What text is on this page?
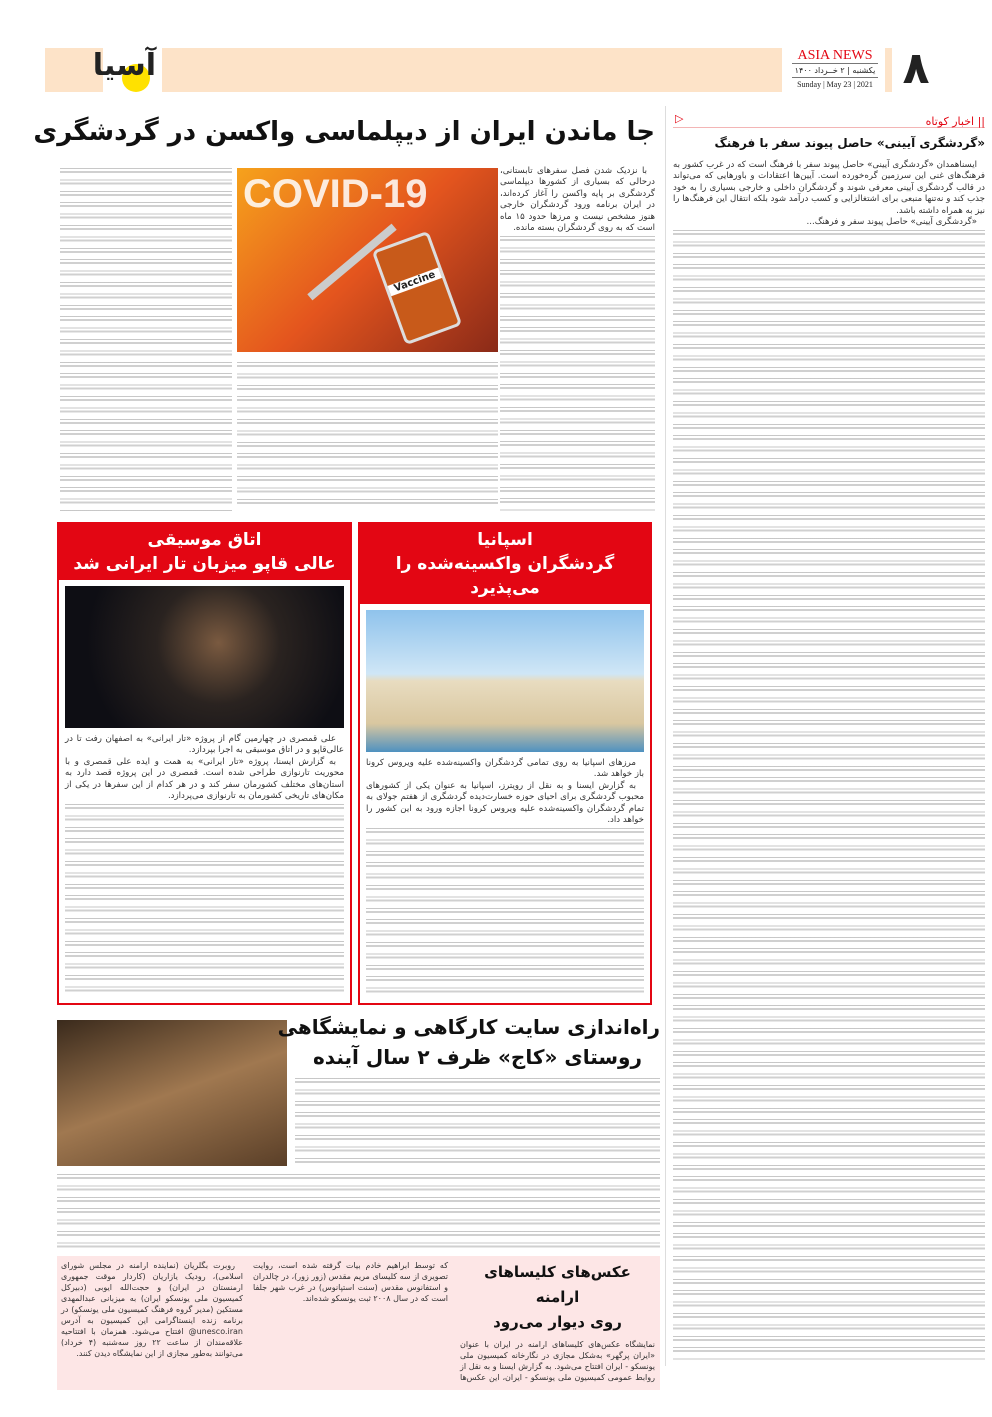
آسیا	ASIA NEWS
یکشنبه | ۲ خــرداد ۱۴۰۰
Sunday | May 23 | 2021 ۸
|| اخبار کوتاه
▷
«گردشگری آیینی» حاصل پیوند سفر با فرهنگ

ایسنا‌همدان «گردشگری آیینی» حاصل پیوند سفر با فرهنگ است که در غرب کشور به فرهنگ‌های غنی این سرزمین گره‌خورده است. آیین‌ها اعتقادات و باورهایی که می‌تواند در قالب گردشگری آیینی معرفی شوند و گردشگران داخلی و خارجی بسیاری را به خود جذب کند و نه‌تنها منبعی برای اشتغالزایی و کسب درآمد شود بلکه انتقال این فرهنگ‌ها را نیز به همراه داشته باشد.

«گردشگری آیینی» حاصل پیوند سفر و فرهنگ...

جا ماندن ایران از دیپلماسی واکسن در گردشگری

با نزدیک شدن فصل سفرهای تابستانی، درحالی که بسیاری از کشورها دیپلماسی گردشگری بر پایه واکسن را آغاز کرده‌اند، در ایران برنامه ورود گردشگران خارجی هنوز مشخص نیست و مرزها حدود ۱۵ ماه است که به روی گردشگران بسته مانده.

COVID-19
Vaccine
اسپانیا
گردشگران واکسینه‌شده را می‌پذیرد

مرزهای اسپانیا به روی تمامی گردشگران واکسینه‌شده علیه ویروس کرونا باز خواهد شد.

به گزارش ایسنا و به نقل از رویترز، اسپانیا به عنوان یکی از کشورهای محبوب گردشگری برای احیای حوزه خسارت‌دیده گردشگری از هفتم جولای به تمام گردشگران واکسینه‌شده علیه ویروس کرونا اجازه ورود به این کشور را خواهد داد.

اتاق موسیقی
عالی قاپو میزبان تار ایرانی شد

علی قمصری در چهارمین گام از پروژه «تار ایرانی» به اصفهان رفت تا در عالی‌قاپو و در اتاق موسیقی به اجرا بپردازد.

به گزارش ایسنا، پروژه «تار ایرانی» به همت و ایده علی قمصری و با محوریت تارنوازی طراحی شده است. قمصری در این پروژه قصد دارد به استان‌های مختلف کشورمان سفر کند و در هر کدام از این سفرها در یکی از مکان‌های تاریخی کشورمان به تارنوازی می‌پردازد.

راه‌اندازی سایت کارگاهی و نمایشگاهی
روستای «کاج» ظرف ۲ سال آینده
عکس‌های کلیساهای ارامنه
روی دیوار می‌رود

نمایشگاه عکس‌های کلیساهای ارامنه در ایران با عنوان «ایران پرگهر» به‌شکل مجازی در نگارخانه کمیسیون ملی یونسکو - ایران افتتاح می‌شود. به گزارش ایسنا و به نقل از روابط عمومی کمیسیون ملی یونسکو - ایران، این عکس‌ها که توسط ابراهیم خادم بیات گرفته شده است، روایت تصویری از سه کلیسای مریم مقدس (زور زور)، در چالدران و استفانوس مقدس (سنت استپانوس) در غرب شهر جلفا است که در سال ۲۰۰۸ ثبت یونسکو شده‌اند.

روبرت بگلریان (نماینده ارامنه در مجلس شورای اسلامی)، رودیک یازاریان (کاردار موقت جمهوری ارمنستان در ایران) و حجت‌الله ایوبی (دبیرکل کمیسیون ملی یونسکو ایران) به میزبانی عبدالمهدی مستکین (مدیر گروه فرهنگ کمیسیون ملی یونسکو) در برنامه زنده اینستاگرامی این کمیسیون به آدرس unesco.iran@ افتتاح می‌شود. همزمان با افتتاحیه علاقه‌مندان از ساعت ۲۲ روز سه‌شنبه (۴ خرداد) می‌توانند به‌طور مجازی از این نمایشگاه دیدن کنند.
